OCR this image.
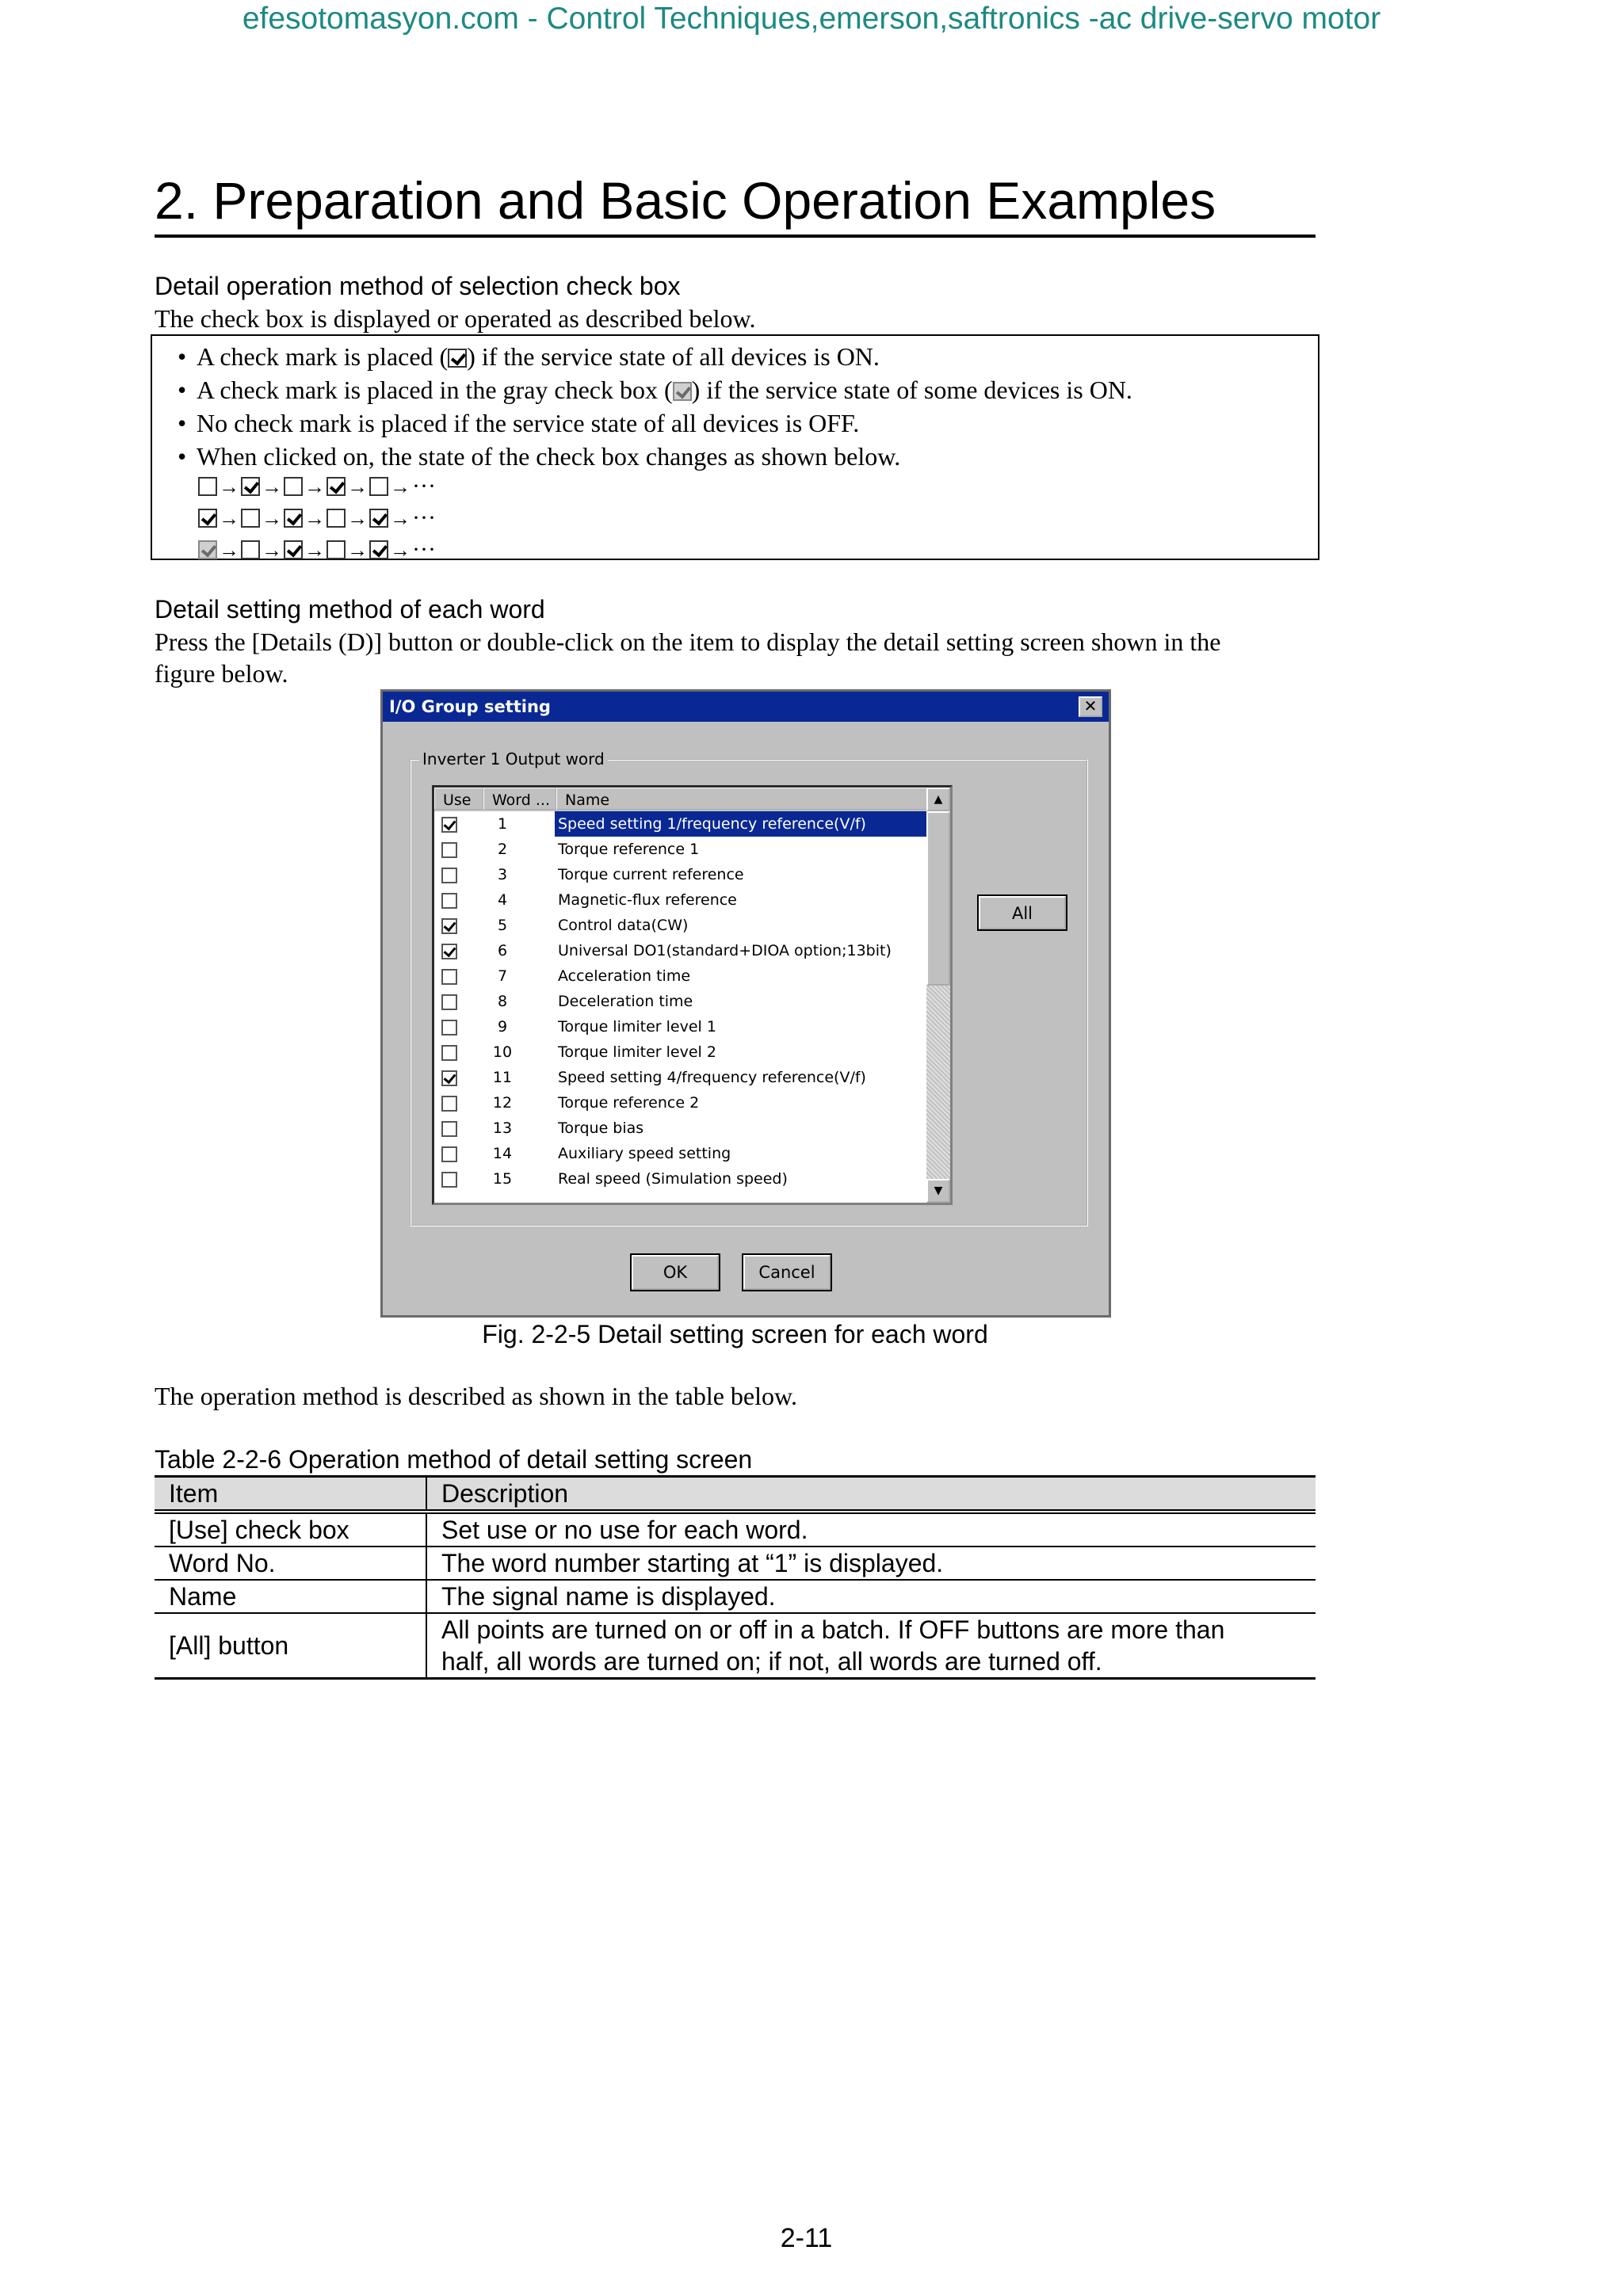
efesotomasyon.com - Control Techniques,emerson,saftronics -ac drive-servo motor
2. Preparation and Basic Operation Examples
Detail operation method of selection check box
The check box is displayed or operated as described below.
• A check mark is placed ( ) if the service state of all devices is ON.
• A check mark is placed in the gray check box ( ) if the service state of some devices is ON.
• No check mark is placed if the service state of all devices is OFF.
• When clicked on, the state of the check box changes as shown below.
→ → → → →···
→ → → → →···
→ → → → →···
Detail setting method of each word
Press the [Details (D)] button or double-click on the item to display the detail setting screen shown in the
figure below.
I/O Group setting	✕
Inverter 1 Output word
Use	Word ...	Name
1	Speed setting 1/frequency reference(V/f)
2	Torque reference 1
3	Torque current reference
4	Magnetic-flux reference
5	Control data(CW)
6	Universal DO1(standard+DIOA option;13bit)
7	Acceleration time
8	Deceleration time
9	Torque limiter level 1
10	Torque limiter level 2
11	Speed setting 4/frequency reference(V/f)
12	Torque reference 2
13	Torque bias
14	Auxiliary speed setting
15	Real speed (Simulation speed)
▲
▼
All
OK	Cancel
Fig. 2-2-5 Detail setting screen for each word
The operation method is described as shown in the table below.
Table 2-2-6 Operation method of detail setting screen
Item	Description
[Use] check box	Set use or no use for each word.

Word No.	The word number starting at “1” is displayed.

Name	The signal name is displayed.

[All] button	All points are turned on or off in a batch. If OFF buttons are more than
half, all words are turned on; if not, all words are turned off.
2-11
